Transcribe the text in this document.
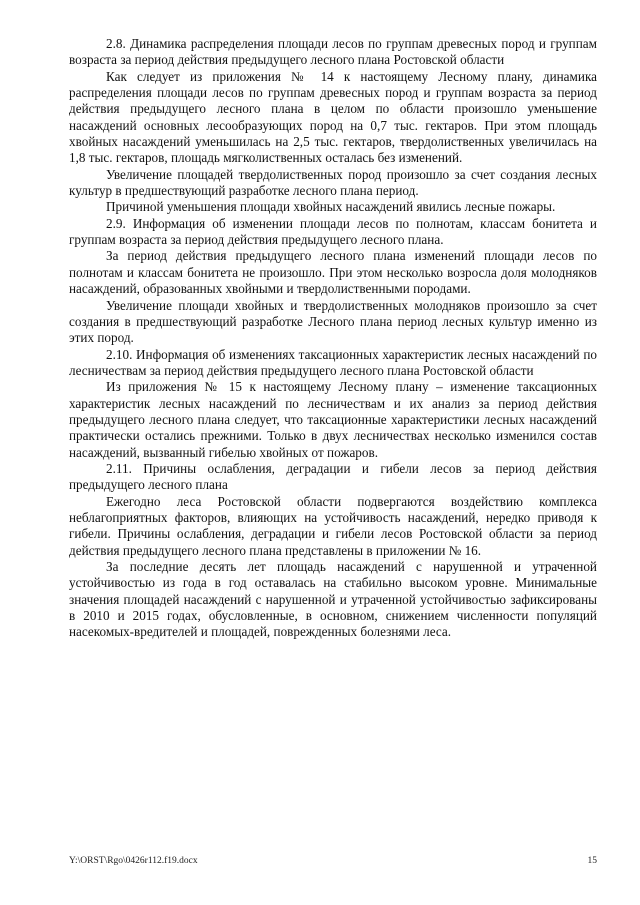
2.8. Динамика распределения площади лесов по группам древесных пород и группам возраста за период действия предыдущего лесного плана Ростовской области

Как следует из приложения № 14 к настоящему Лесному плану, динамика распределения площади лесов по группам древесных пород и группам возраста за период действия предыдущего лесного плана в целом по области произошло уменьшение насаждений основных лесообразующих пород на 0,7 тыс. гектаров. При этом площадь хвойных насаждений уменьшилась на 2,5 тыс. гектаров, твердолиственных увеличилась на 1,8 тыс. гектаров, площадь мягколиственных осталась без изменений.

Увеличение площадей твердолиственных пород произошло за счет создания лесных культур в предшествующий разработке лесного плана период.

Причиной уменьшения площади хвойных насаждений явились лесные пожары.

2.9. Информация об изменении площади лесов по полнотам, классам бонитета и группам возраста за период действия предыдущего лесного плана.

За период действия предыдущего лесного плана изменений площади лесов по полнотам и классам бонитета не произошло. При этом несколько возросла доля молодняков насаждений, образованных хвойными и твердолиственными породами.

Увеличение площади хвойных и твердолиственных молодняков произошло за счет создания в предшествующий разработке Лесного плана период лесных культур именно из этих пород.

2.10. Информация об изменениях таксационных характеристик лесных насаждений по лесничествам за период действия предыдущего лесного плана Ростовской области

Из приложения № 15 к настоящему Лесному плану – изменение таксационных характеристик лесных насаждений по лесничествам и их анализ за период действия предыдущего лесного плана следует, что таксационные характеристики лесных насаждений практически остались прежними. Только в двух лесничествах несколько изменился состав насаждений, вызванный гибелью хвойных от пожаров.

2.11. Причины ослабления, деградации и гибели лесов за период действия предыдущего лесного плана

Ежегодно леса Ростовской области подвергаются воздействию комплекса неблагоприятных факторов, влияющих на устойчивость насаждений, нередко приводя к гибели. Причины ослабления, деградации и гибели лесов Ростовской области за период действия предыдущего лесного плана представлены в приложении № 16.

За последние десять лет площадь насаждений с нарушенной и утраченной устойчивостью из года в год оставалась на стабильно высоком уровне. Минимальные значения площадей насаждений с нарушенной и утраченной устойчивостью зафиксированы в 2010 и 2015 годах, обусловленные, в основном, снижением численности популяций насекомых-вредителей и площадей, поврежденных болезнями леса.

Y:\ORST\Rgo\0426r112.f19.docx	15
